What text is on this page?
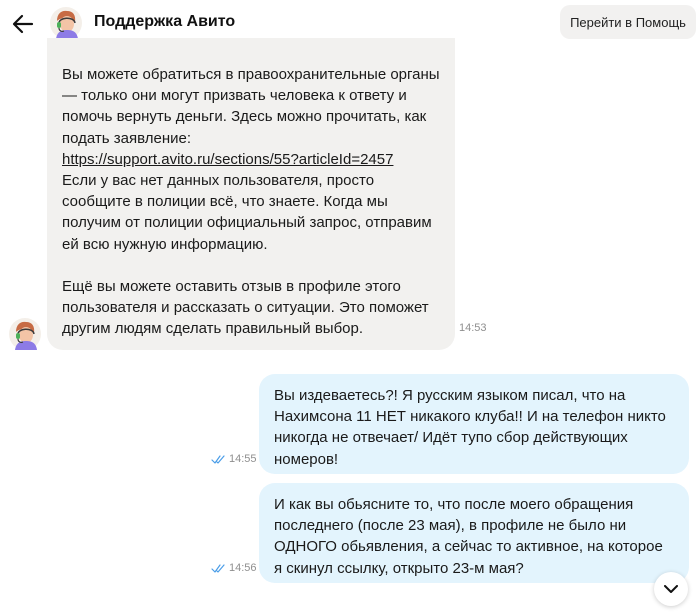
Поддержка Авито	Перейти в Помощь

Вы можете обратиться в правоохранительные органы — только они могут призвать человека к ответу и помочь вернуть деньги. Здесь можно прочитать, как подать заявление:

https://support.avito.ru/sections/55?articleId=2457

Если у вас нет данных пользователя, просто сообщите в полиции всё, что знаете. Когда мы получим от полиции официальный запрос, отправим ей всю нужную информацию.

Ещё вы можете оставить отзыв в профиле этого пользователя и рассказать о ситуации. Это поможет другим людям сделать правильный выбор.	14:53
14:55

Вы издеваетесь?! Я русским языком писал, что на Нахимсона 11 НЕТ никакого клуба!! И на телефон никто никогда не отвечает/ Идёт тупо сбор действующих номеров!

14:56

И как вы обьясните то, что после моего обращения последнего (после 23 мая), в профиле не было ни ОДНОГО обьявления, а сейчас то активное, на которое я скинул ссылку, открыто 23-м мая?
